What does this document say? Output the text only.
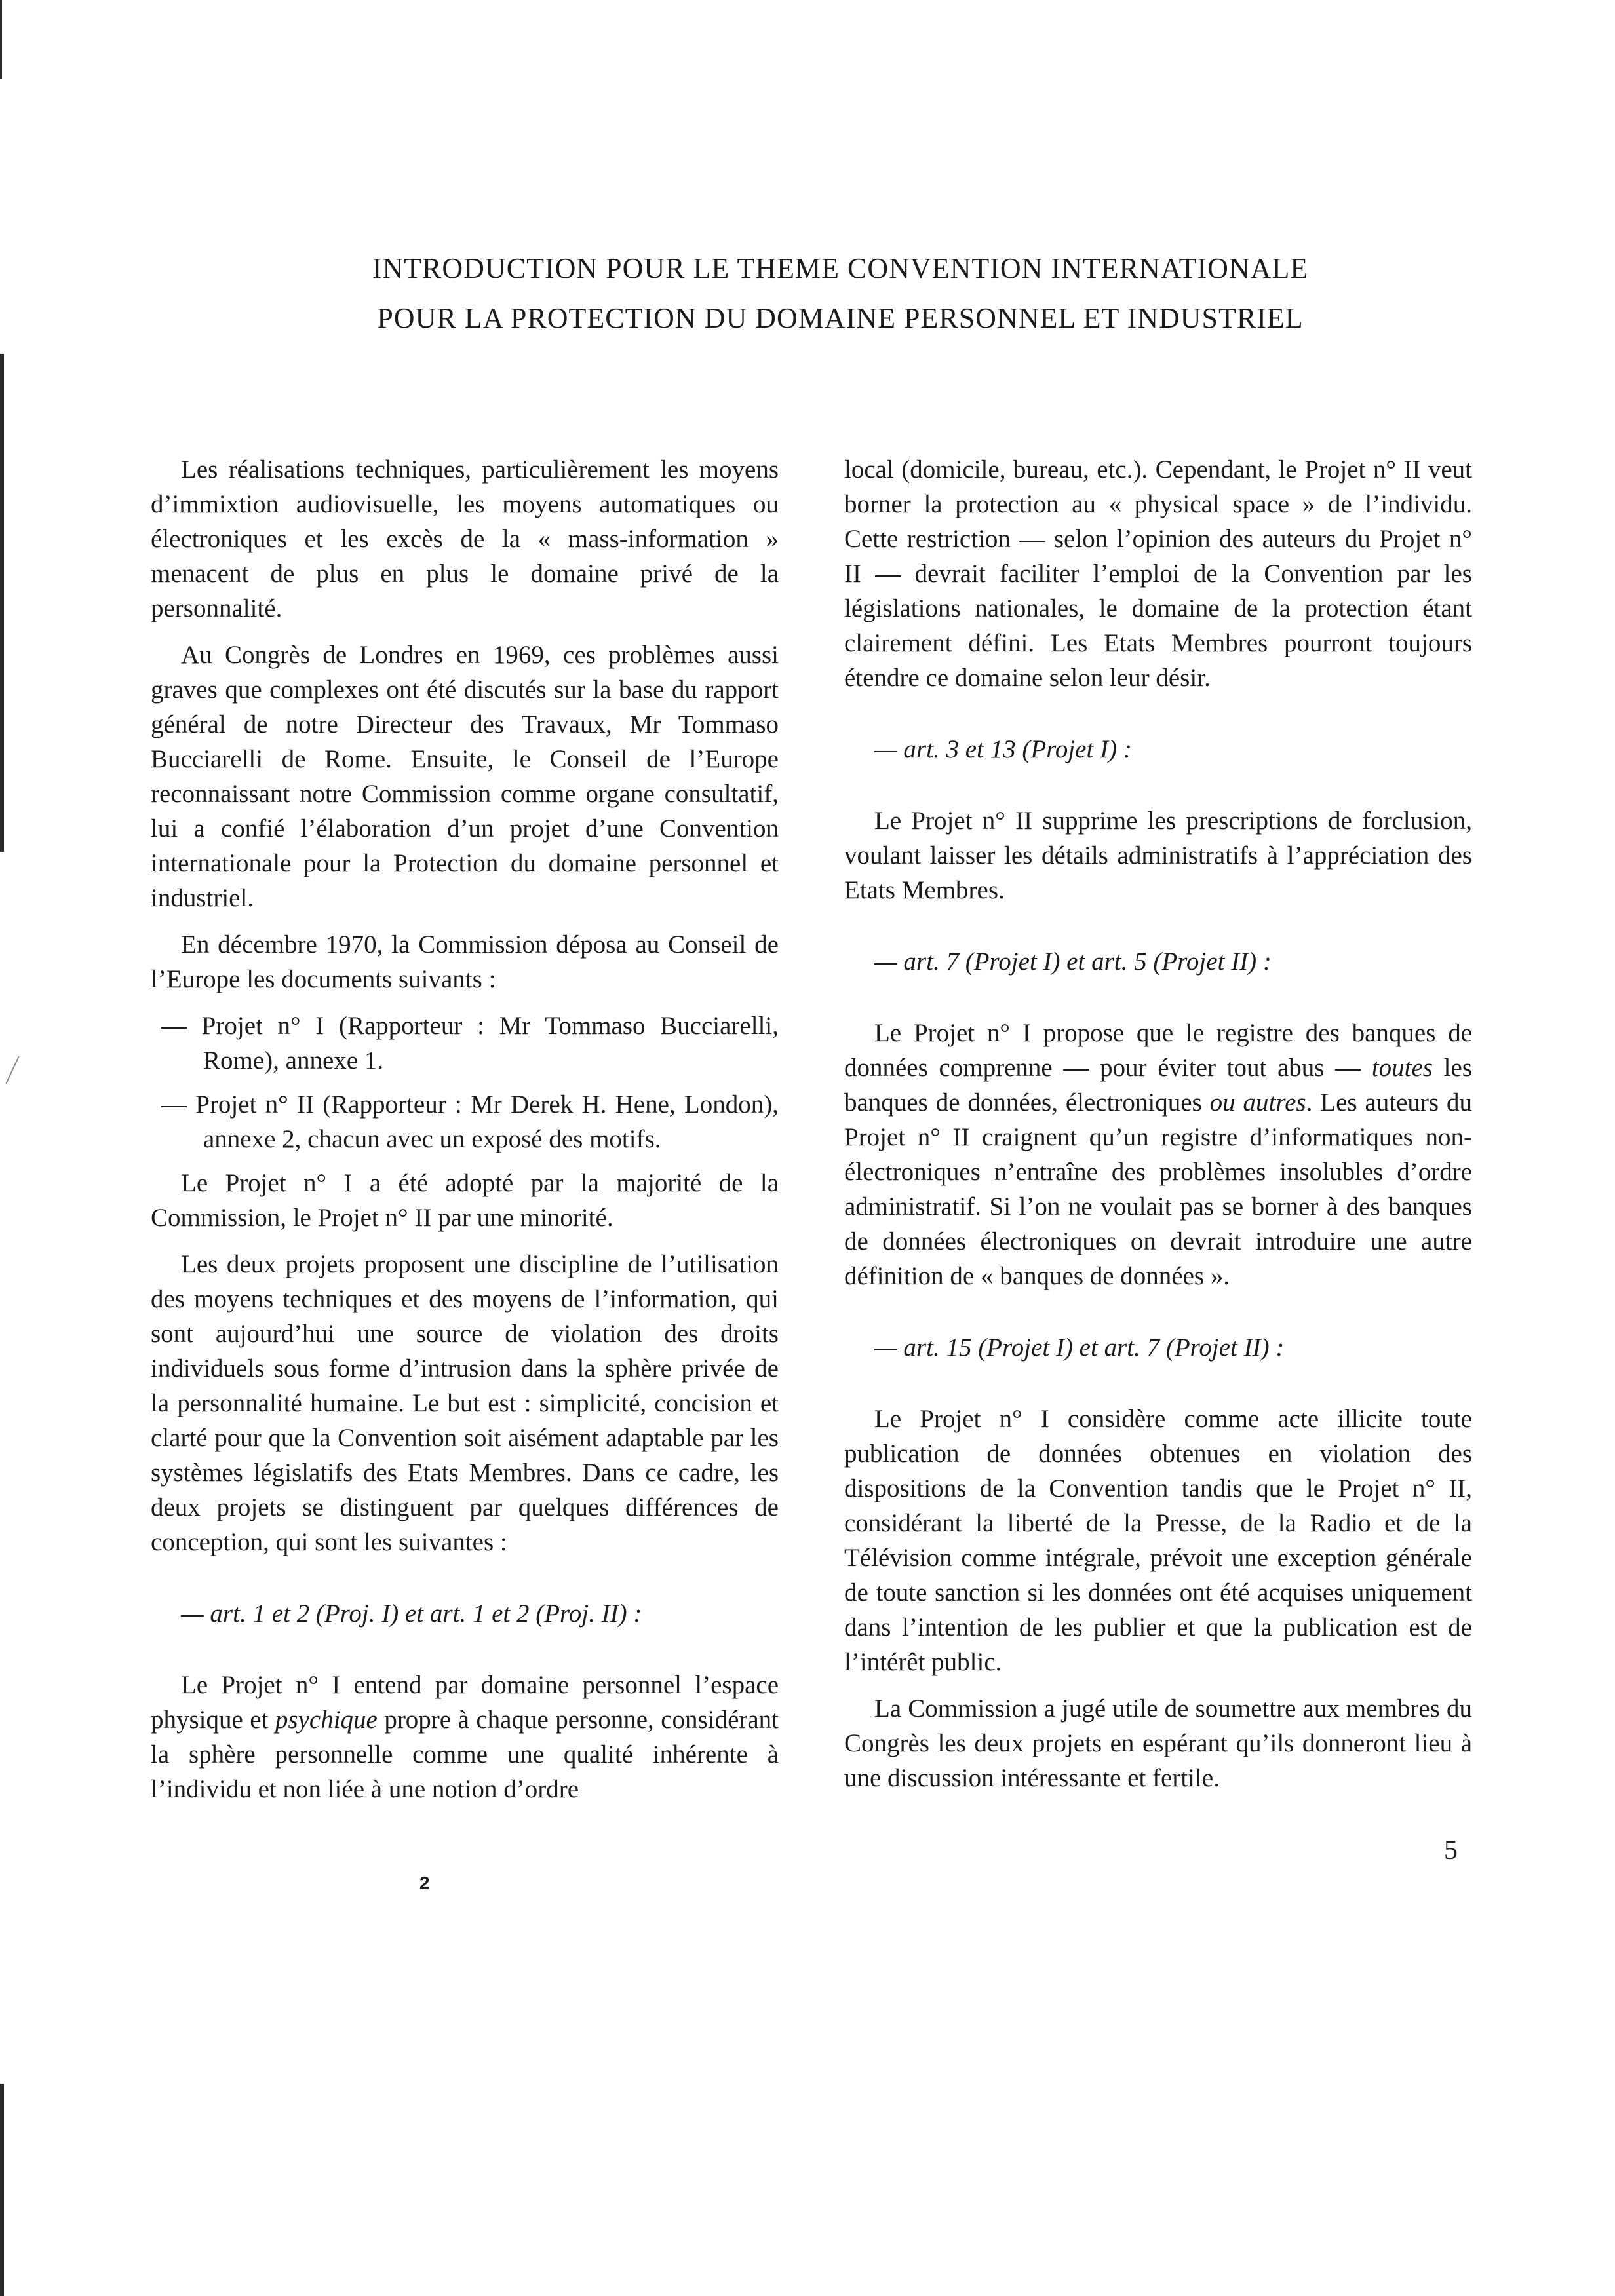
INTRODUCTION POUR LE THEME CONVENTION INTERNATIONALE
POUR LA PROTECTION DU DOMAINE PERSONNEL ET INDUSTRIEL

Les réalisations techniques, particulièrement les moyens d’immixtion audiovisuelle, les moyens automatiques ou électroniques et les excès de la « mass-information » menacent de plus en plus le domaine privé de la personnalité.

Au Congrès de Londres en 1969, ces problèmes aussi graves que complexes ont été discutés sur la base du rapport général de notre Directeur des Travaux, Mr Tommaso Bucciarelli de Rome. Ensuite, le Conseil de l’Europe reconnaissant notre Commission comme organe consultatif, lui a confié l’élaboration d’un projet d’une Convention internationale pour la Protection du domaine personnel et industriel.

En décembre 1970, la Commission déposa au Conseil de l’Europe les documents suivants :

— Projet n° I (Rapporteur : Mr Tommaso Bucciarelli, Rome), annexe 1.

— Projet n° II (Rapporteur : Mr Derek H. Hene, London), annexe 2, chacun avec un exposé des motifs.

Le Projet n° I a été adopté par la majorité de la Commission, le Projet n° II par une minorité.

Les deux projets proposent une discipline de l’utilisation des moyens techniques et des moyens de l’information, qui sont aujourd’hui une source de violation des droits individuels sous forme d’intrusion dans la sphère privée de la personnalité humaine. Le but est : simplicité, concision et clarté pour que la Convention soit aisément adaptable par les systèmes législatifs des Etats Membres. Dans ce cadre, les deux projets se distinguent par quelques différences de conception, qui sont les suivantes :

— art. 1 et 2 (Proj. I) et art. 1 et 2 (Proj. II) :

Le Projet n° I entend par domaine personnel l’espace physique et psychique propre à chaque personne, considérant la sphère personnelle comme une qualité inhérente à l’individu et non liée à une notion d’ordre

local (domicile, bureau, etc.). Cependant, le Projet n° II veut borner la protection au « physical space » de l’individu. Cette restriction — selon l’opinion des auteurs du Projet n° II — devrait faciliter l’emploi de la Convention par les législations nationales, le domaine de la protection étant clairement défini. Les Etats Membres pourront toujours étendre ce domaine selon leur désir.

— art. 3 et 13 (Projet I) :

Le Projet n° II supprime les prescriptions de forclusion, voulant laisser les détails administratifs à l’appréciation des Etats Membres.

— art. 7 (Projet I) et art. 5 (Projet II) :

Le Projet n° I propose que le registre des banques de données comprenne — pour éviter tout abus — toutes les banques de données, électroniques ou autres. Les auteurs du Projet n° II craignent qu’un registre d’informatiques non-électroniques n’entraîne des problèmes insolubles d’ordre administratif. Si l’on ne voulait pas se borner à des banques de données électroniques on devrait introduire une autre définition de « banques de données ».

— art. 15 (Projet I) et art. 7 (Projet II) :

Le Projet n° I considère comme acte illicite toute publication de données obtenues en violation des dispositions de la Convention tandis que le Projet n° II, considérant la liberté de la Presse, de la Radio et de la Télévision comme intégrale, prévoit une exception générale de toute sanction si les données ont été acquises uniquement dans l’intention de les publier et que la publication est de l’intérêt public.

La Commission a jugé utile de soumettre aux membres du Congrès les deux projets en espérant qu’ils donneront lieu à une discussion intéressante et fertile.

2
5
